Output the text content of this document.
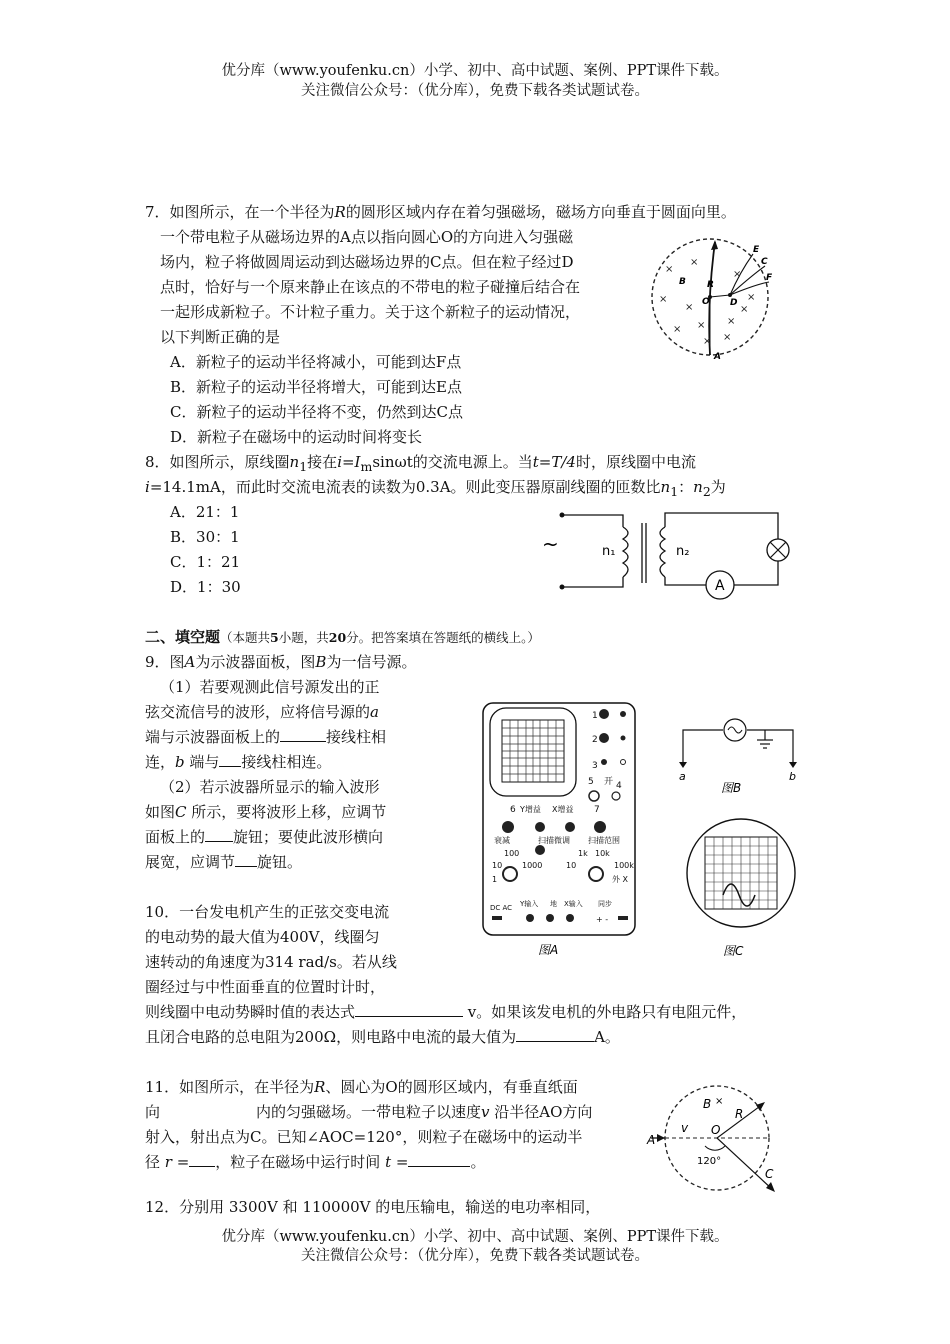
优分库（www.youfenku.cn）小学、初中、高中试题、案例、PPT课件下载。
关注微信公众号：（优分库），免费下载各类试题试卷。
7．如图所示，在一个半径为R的圆形区域内存在着匀强磁场，磁场方向垂直于圆面向里。
一个带电粒子从磁场边界的A点以指向圆心O的方向进入匀强磁
场内，粒子将做圆周运动到达磁场边界的C点。但在粒子经过D
点时，恰好与一个原来静止在该点的不带电的粒子碰撞后结合在
一起形成新粒子。不计粒子重力。关于这个新粒子的运动情况，
以下判断正确的是
A．新粒子的运动半径将减小，可能到达F点
B．新粒子的运动半径将增大，可能到达E点
C．新粒子的运动半径将不变，仍然到达C点
D．新粒子在磁场中的运动时间将变长
E
C
F
B R
O D
A
×
×
×
×
× × ×
×
×
×
×
×
8．如图所示，原线圈$n_1$接在$i=I_m\sin\omega t$的交流电源上。当t=T/4时，原线圈中电流
i=14.1mA，而此时交流电流表的读数为0.3A。则此变压器原副线圈的匝数比$n_1$：$n_2$为
A．21：1
B．30：1
C．1：21
D．1：30
~
A
n₁	n₂
二、填空题（本题共5小题，共20分。把答案填在答题纸的横线上。）
9．图A为示波器面板，图B为一信号源。
（1）若要观测此信号源发出的正
弦交流信号的波形，应将信号源的a
端与示波器面板上的	接线柱相
连，b 端与 接线柱相连。
（2）若示波器所显示的输入波形
如图C 所示，要将波形上移，应调节
面板上的 旋钮；要使此波形横向
展宽，应调节 旋钮。
1
2
3
5 开 4
6	7
Y增益 X增益
衰减	扫描微调 扫描范围
100
10 1000
1
1k 10k
10	100k
外 X
DC AC Y输入 地 X输入 同步
+ -
图A
a	b
图B
图C
10．一台发电机产生的正弦交变电流
的电动势的最大值为400V，线圈匀
速转动的角速度为314 rad/s。若从线
圈经过与中性面垂直的位置时计时，
则线圈中电动势瞬时值的表达式	v。如果该发电机的外电路只有电阻元件，
且闭合电路的总电阻为200Ω，则电路中电流的最大值为	A。
11．如图所示，在半径为R、圆心为O的圆形区域内，有垂直纸面
向	内的匀强磁场。一带电粒子以速度v 沿半径AO方向
射入，射出点为C。已知∠AOC=120°，则粒子在磁场中的运动半
径 r = ，粒子在磁场中运行时间 t =	。
B ×
R
A
v O
120°
C
12．分别用 3300V 和 110000V 的电压输电，输送的电功率相同，
优分库（www.youfenku.cn）小学、初中、高中试题、案例、PPT课件下载。
关注微信公众号：（优分库），免费下载各类试题试卷。
